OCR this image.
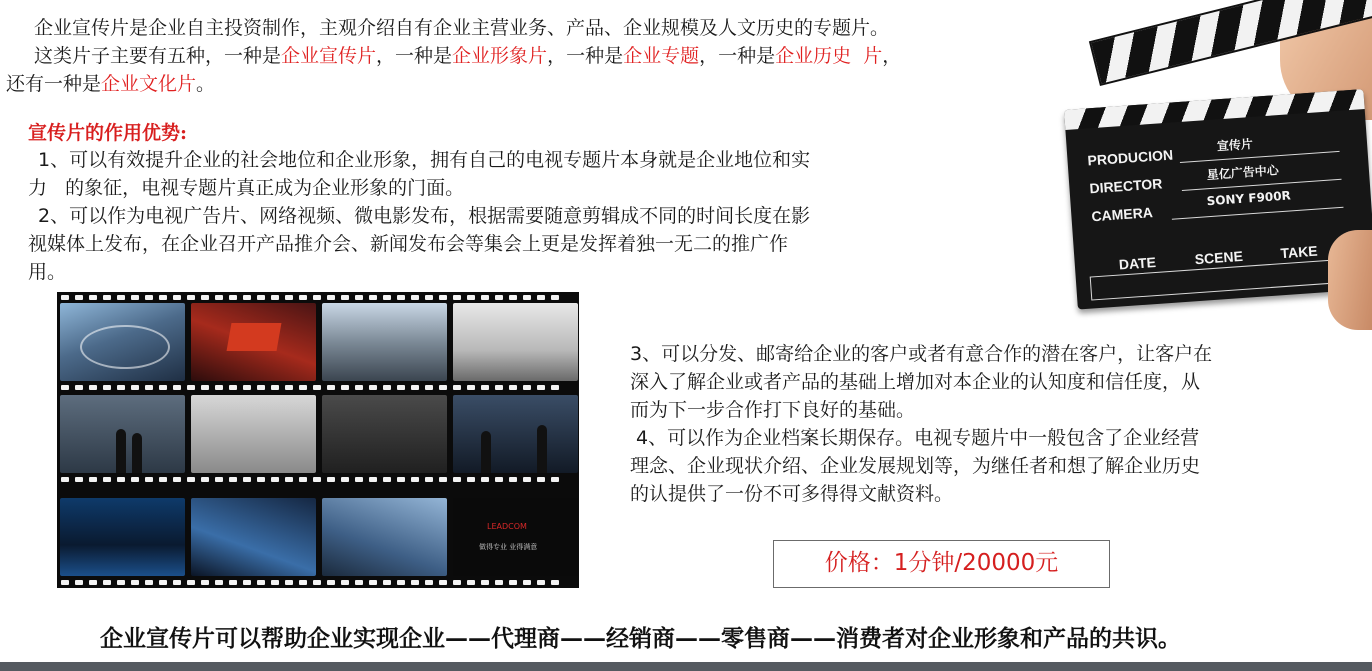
企业宣传片是企业自主投资制作，主观介绍自有企业主营业务、产品、企业规模及人文历史的专题片。
这类片子主要有五种，一种是企业宣传片，一种是企业形象片，一种是企业专题，一种是企业历史  片，
还有一种是企业文化片。
宣传片的作用优势:
1、可以有效提升企业的社会地位和企业形象，拥有自己的电视专题片本身就是企业地位和实
力   的象征，电视专题片真正成为企业形象的门面。
2、可以作为电视广告片、网络视频、微电影发布，根据需要随意剪辑成不同的时间长度在影
视媒体上发布，在企业召开产品推介会、新闻发布会等集会上更是发挥着独一无二的推广作
用。
3、可以分发、邮寄给企业的客户或者有意合作的潜在客户，让客户在
深入了解企业或者产品的基础上增加对本企业的认知度和信任度，从
而为下一步合作打下良好的基础。
4、可以作为企业档案长期保存。电视专题片中一般包含了企业经营
理念、企业现状介绍、企业发展规划等，为继任者和想了解企业历史
的认提供了一份不可多得得文献资料。
LEADCOM
做得专业 业得满意
PRODUCION
宣传片
DIRECTOR
星亿广告中心
CAMERA
SONY F900R
DATE	SCENE	TAKE
价格：1分钟/20000元
企业宣传片可以帮助企业实现企业——代理商——经销商——零售商——消费者对企业形象和产品的共识。
